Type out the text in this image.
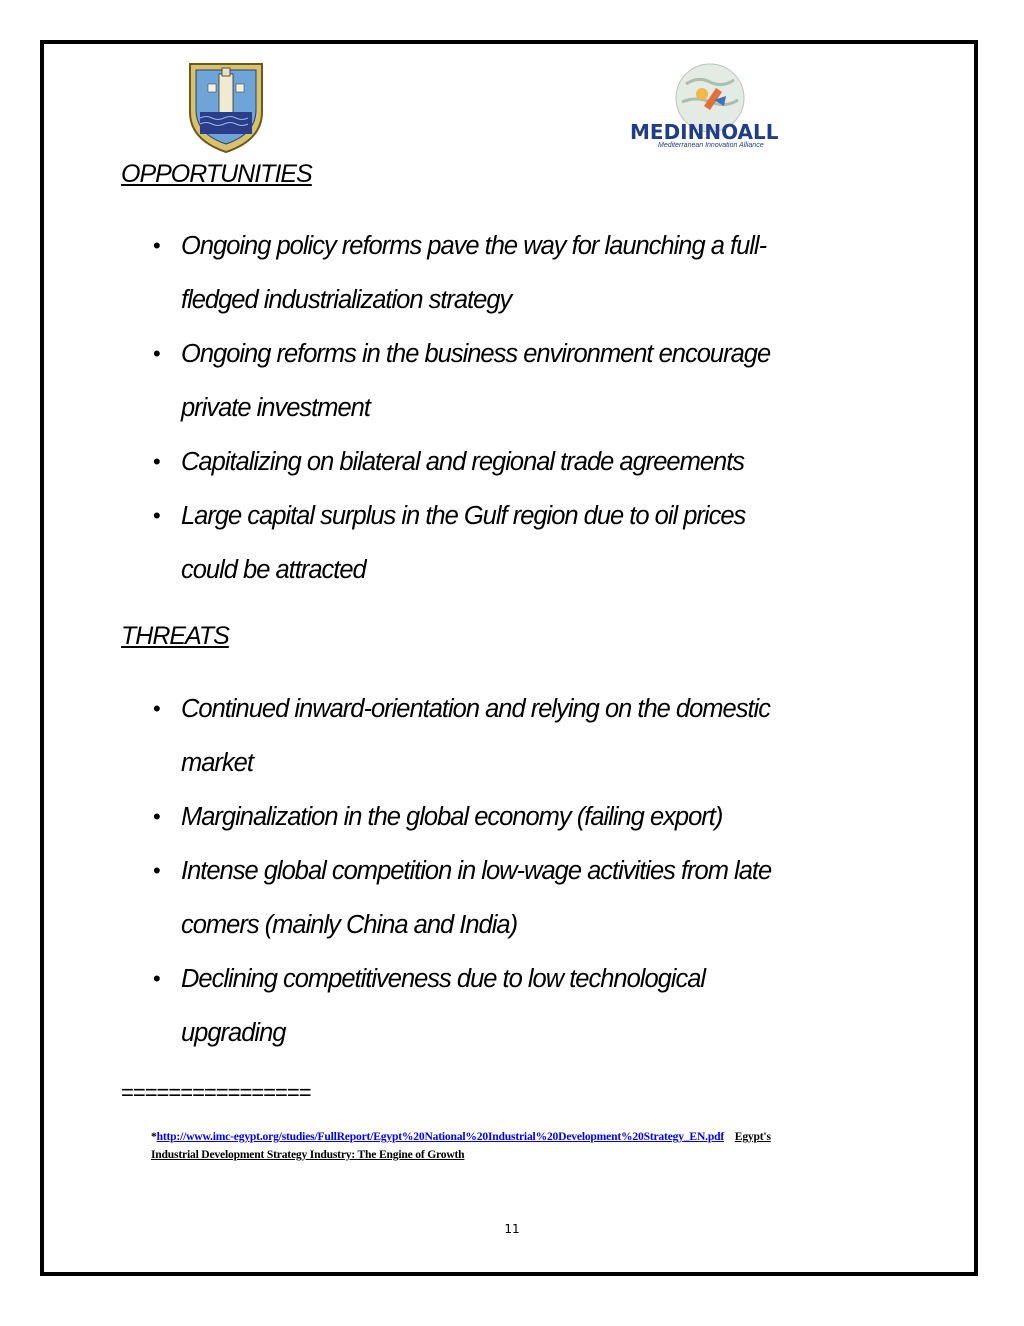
MEDINNOALL
Mediterranean Innovation Alliance
OPPORTUNITIES
• Ongoing policy reforms pave the way for launching a full-
fledged industrialization strategy
• Ongoing reforms in the business environment encourage
private investment
• Capitalizing on bilateral and regional trade agreements
• Large capital surplus in the Gulf region due to oil prices
could be attracted
THREATS
• Continued inward-orientation and relying on the domestic
market
• Marginalization in the global economy (failing export)
• Intense global competition in low-wage activities from late
comers (mainly China and India)
• Declining competitiveness due to low technological
upgrading
================
*http://www.imc-egypt.org/studies/FullReport/Egypt%20National%20Industrial%20Development%20Strategy_EN.pdf Egypt's
Industrial Development Strategy Industry: The Engine of Growth
11
